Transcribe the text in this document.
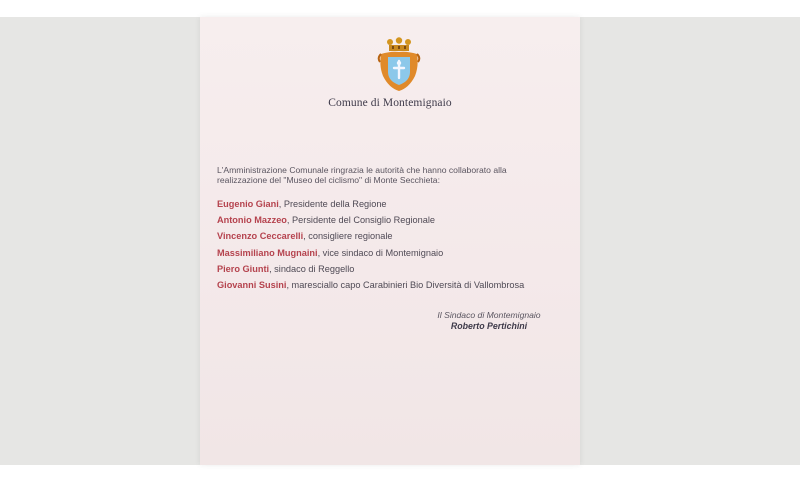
Comune di Montemignaio
L'Amministrazione Comunale ringrazia le autorità che hanno collaborato alla
realizzazione del "Museo del ciclismo" di Monte Secchieta:
Eugenio Giani, Presidente della Regione
Antonio Mazzeo, Persidente del Consiglio Regionale
Vincenzo Ceccarelli, consigliere regionale
Massimiliano Mugnaini, vice sindaco di Montemignaio
Piero Giunti, sindaco di Reggello
Giovanni Susini, maresciallo capo Carabinieri Bio Diversità di Vallombrosa
Il Sindaco di Montemignaio
Roberto Pertichini
